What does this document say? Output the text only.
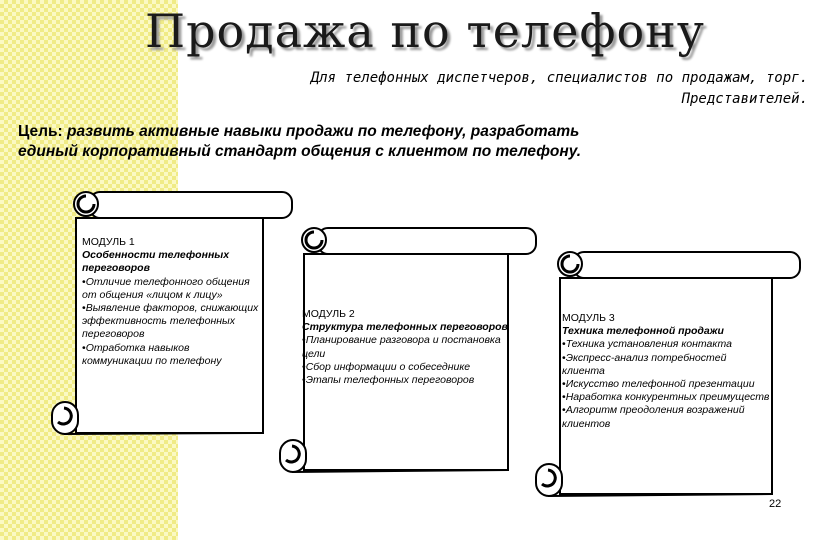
Продажа по телефону
Для телефонных диспетчеров, специалистов по продажам, торг. Представителей.
Цель: развить активные навыки продажи по телефону, разработать единый корпоративный стандарт общения с клиентом по телефону.
МОДУЛЬ 1
Особенности телефонных переговоров
• Отличие телефонного общения от общения «лицом к лицу»
• Выявление факторов, снижающих эффективность телефонных переговоров
• Отработка навыков коммуникации по телефону
МОДУЛЬ 2
Структура телефонных переговоров
• Планирование разговора и постановка цели
• Сбор информации о собеседнике
• Этапы телефонных переговоров
МОДУЛЬ 3
Техника телефонной продажи
• Техника установления контакта
• Экспресс-анализ потребностей клиента
• Искусство телефонной презентации
• Наработка конкурентных преимуществ
• Алгоритм преодоления возражений клиентов
22
